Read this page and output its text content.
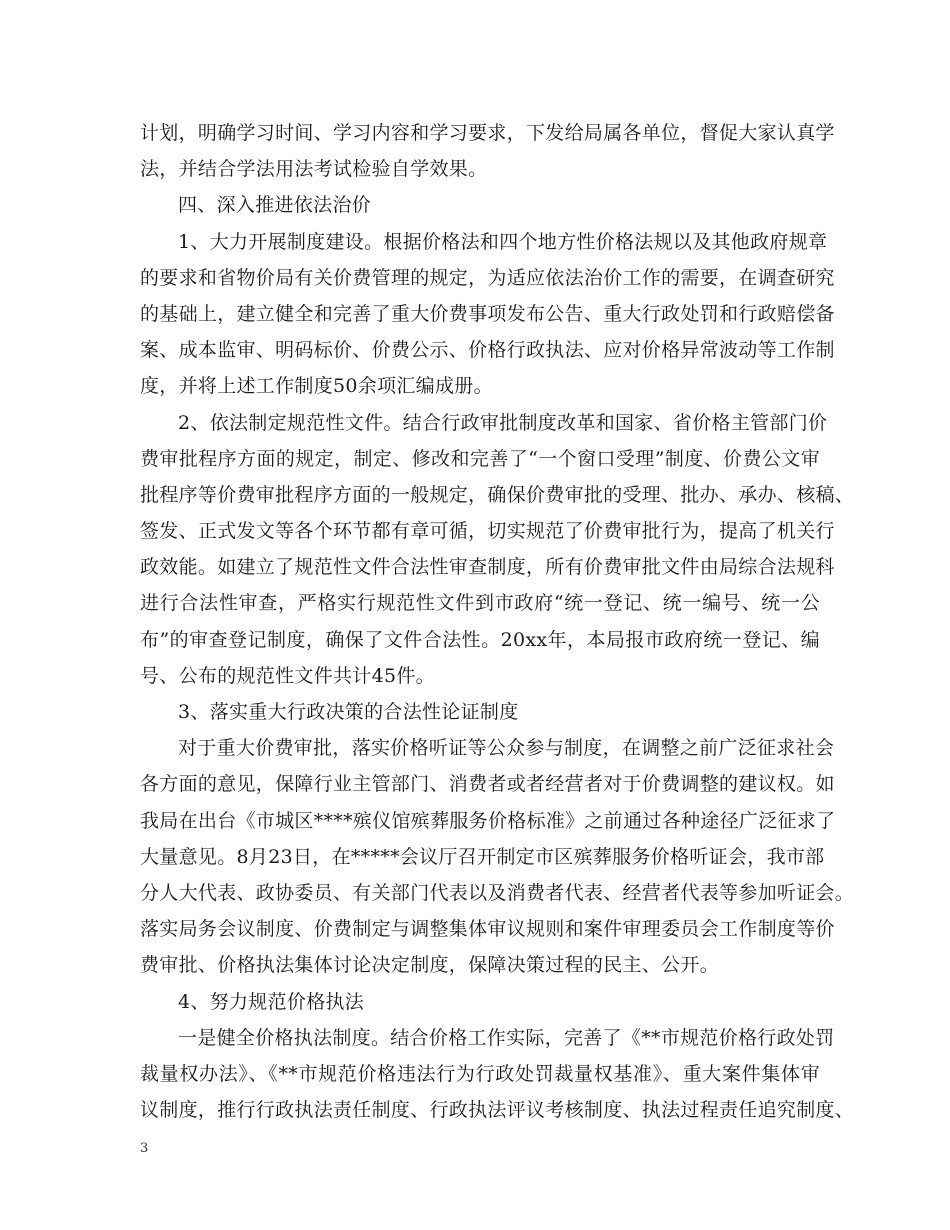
计划，明确学习时间、学习内容和学习要求，下发给局属各单位，督促大家认真学
法，并结合学法用法考试检验自学效果。
四、深入推进依法治价
1、大力开展制度建设。根据价格法和四个地方性价格法规以及其他政府规章
的要求和省物价局有关价费管理的规定，为适应依法治价工作的需要，在调查研究
的基础上，建立健全和完善了重大价费事项发布公告、重大行政处罚和行政赔偿备
案、成本监审、明码标价、价费公示、价格行政执法、应对价格异常波动等工作制
度，并将上述工作制度50余项汇编成册。
2、依法制定规范性文件。结合行政审批制度改革和国家、省价格主管部门价
费审批程序方面的规定，制定、修改和完善了“一个窗口受理”制度、价费公文审
批程序等价费审批程序方面的一般规定，确保价费审批的受理、批办、承办、核稿、
签发、正式发文等各个环节都有章可循，切实规范了价费审批行为，提高了机关行
政效能。如建立了规范性文件合法性审查制度，所有价费审批文件由局综合法规科
进行合法性审查，严格实行规范性文件到市政府“统一登记、统一编号、统一公
布”的审查登记制度，确保了文件合法性。20xx年，本局报市政府统一登记、编
号、公布的规范性文件共计45件。
3、落实重大行政决策的合法性论证制度
对于重大价费审批，落实价格听证等公众参与制度，在调整之前广泛征求社会
各方面的意见，保障行业主管部门、消费者或者经营者对于价费调整的建议权。如
我局在出台《市城区****殡仪馆殡葬服务价格标准》之前通过各种途径广泛征求了
大量意见。8月23日，在*****会议厅召开制定市区殡葬服务价格听证会，我市部
分人大代表、政协委员、有关部门代表以及消费者代表、经营者代表等参加听证会。
落实局务会议制度、价费制定与调整集体审议规则和案件审理委员会工作制度等价
费审批、价格执法集体讨论决定制度，保障决策过程的民主、公开。
4、努力规范价格执法
一是健全价格执法制度。结合价格工作实际，完善了《**市规范价格行政处罚
裁量权办法》、《**市规范价格违法行为行政处罚裁量权基准》、重大案件集体审
议制度，推行行政执法责任制度、行政执法评议考核制度、执法过程责任追究制度、
3
